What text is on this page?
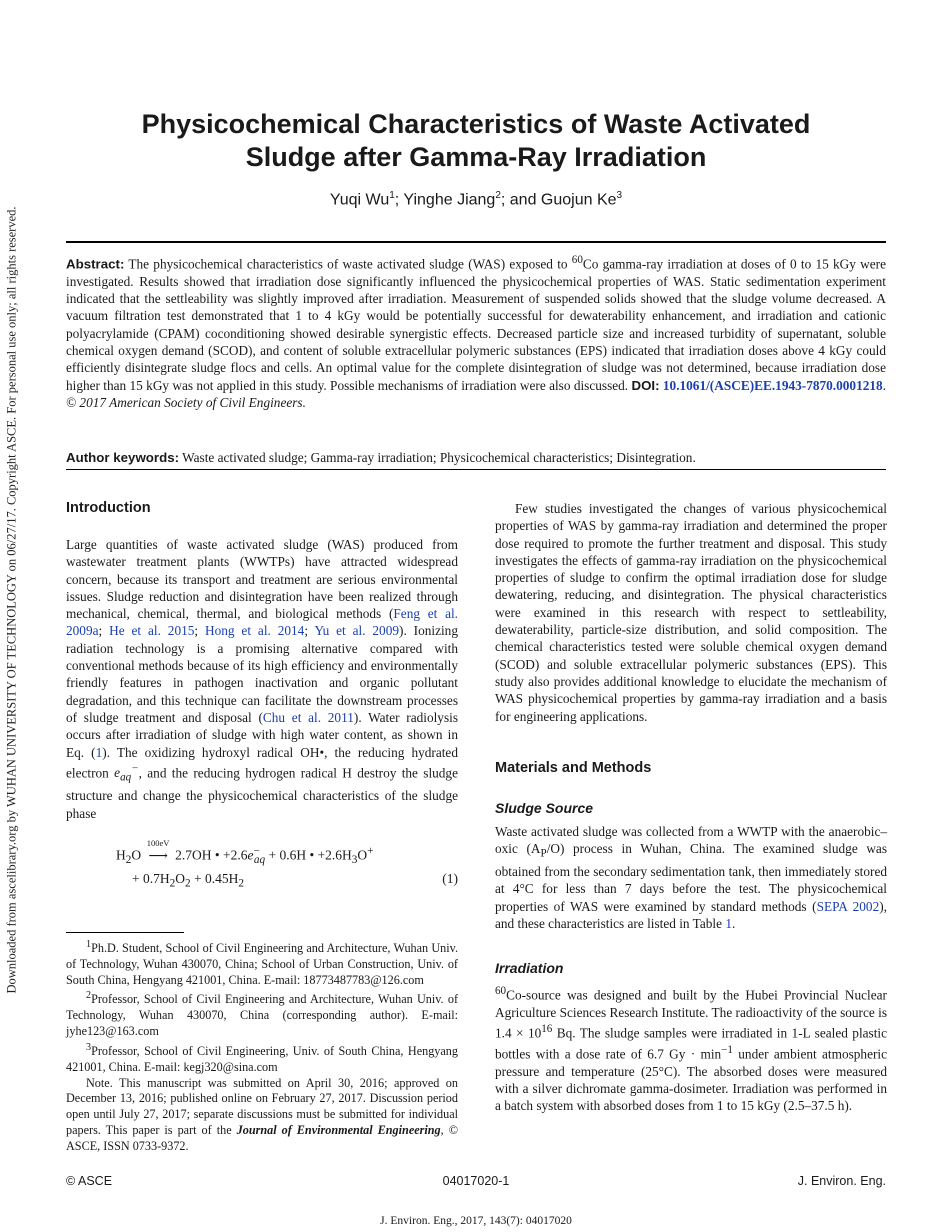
Downloaded from ascelibrary.org by WUHAN UNIVERSITY OF TECHNOLOGY on 06/27/17. Copyright ASCE. For personal use only; all rights reserved.
Physicochemical Characteristics of Waste Activated
Sludge after Gamma-Ray Irradiation
Yuqi Wu$^1$; Yinghe Jiang$^2$; and Guojun Ke$^3$

Abstract: The physicochemical characteristics of waste activated sludge (WAS) exposed to $^{60}$Co gamma-ray irradiation at doses of 0 to 15 kGy were investigated. Results showed that irradiation dose significantly influenced the physicochemical properties of WAS. Static sedimentation experiment indicated that the settleability was slightly improved after irradiation. Measurement of suspended solids showed that the sludge volume decreased. A vacuum filtration test demonstrated that 1 to 4 kGy would be potentially successful for dewaterability enhancement, and irradiation and cationic polyacrylamide (CPAM) coconditioning showed desirable synergistic effects. Decreased particle size and increased turbidity of supernatant, soluble chemical oxygen demand (SCOD), and content of soluble extracellular polymeric substances (EPS) indicated that irradiation doses above 4 kGy could efficiently disintegrate sludge flocs and cells. An optimal value for the complete disintegration of sludge was not determined, because irradiation dose higher than 15 kGy was not applied in this study. Possible mechanisms of irradiation were also discussed. DOI: 10.1061/(ASCE)EE.1943-7870.0001218. © 2017 American Society of Civil Engineers.

Author keywords: Waste activated sludge; Gamma-ray irradiation; Physicochemical characteristics; Disintegration.

Introduction

Large quantities of waste activated sludge (WAS) produced from wastewater treatment plants (WWTPs) have attracted widespread concern, because its transport and treatment are serious environmental issues. Sludge reduction and disintegration have been realized through mechanical, chemical, thermal, and biological methods (Feng et al. 2009a; He et al. 2015; Hong et al. 2014; Yu et al. 2009). Ionizing radiation technology is a promising alternative compared with conventional methods because of its high efficiency and environmentally friendly features in pathogen inactivation and organic pollutant degradation, and this technique can facilitate the downstream processes of sludge treatment and disposal (Chu et al. 2011). Water radiolysis occurs after irradiation of sludge with high water content, as shown in Eq. (1). The oxidizing hydroxyl radical OH•, the reducing hydrated electron $e_{aq}^-$, and the reducing hydrogen radical H destroy the sludge structure and change the physicochemical characteristics of the sludge phase

$H_2O$
100eV
⟶ 2.7OH • $+2.6e^-_{aq} + 0.6H$ • $+2.6H_3O^+$
+ $0.7H_2O_2 + 0.45H_2$	(1)

$^1$Ph.D. Student, School of Civil Engineering and Architecture, Wuhan Univ. of Technology, Wuhan 430070, China; School of Urban Construction, Univ. of South China, Hengyang 421001, China. E-mail: 18773487783@126.com

$^2$Professor, School of Civil Engineering and Architecture, Wuhan Univ. of Technology, Wuhan 430070, China (corresponding author). E-mail: jyhe123@163.com

$^3$Professor, School of Civil Engineering, Univ. of South China, Hengyang 421001, China. E-mail: kegj320@sina.com

Note. This manuscript was submitted on April 30, 2016; approved on December 13, 2016; published online on February 27, 2017. Discussion period open until July 27, 2017; separate discussions must be submitted for individual papers. This paper is part of the Journal of Environmental Engineering, © ASCE, ISSN 0733-9372.

Few studies investigated the changes of various physicochemical properties of WAS by gamma-ray irradiation and determined the proper dose required to promote the further treatment and disposal. This study investigates the effects of gamma-ray irradiation on the physicochemical properties of sludge to confirm the optimal irradiation dose for sludge dewatering, reducing, and disintegration. The physical characteristics were examined in this research with respect to settleability, dewaterability, particle-size distribution, and solid composition. The chemical characteristics tested were soluble chemical oxygen demand (SCOD) and soluble extracellular polymeric substances (EPS). This study also provides additional knowledge to elucidate the mechanism of WAS physicochemical properties by gamma-ray irradiation and a basis for engineering applications.

Materials and Methods
Sludge Source

Waste activated sludge was collected from a WWTP with the anaerobic–oxic $(A_P/O)$ process in Wuhan, China. The examined sludge was obtained from the secondary sedimentation tank, then immediately stored at 4°C for less than 7 days before the test. The physicochemical properties of WAS were examined by standard methods (SEPA 2002), and these characteristics are listed in Table 1.

Irradiation

$^{60}$Co-source was designed and built by the Hubei Provincial Nuclear Agriculture Sciences Research Institute. The radioactivity of the source is $1.4 \times 10^{16}$ Bq. The sludge samples were irradiated in 1-L sealed plastic bottles with a dose rate of 6.7 $Gy \cdot \min^{-1}$ under ambient atmospheric pressure and temperature (25°C). The absorbed doses were measured with a silver dichromate gamma-dosimeter. Irradiation was performed in a batch system with absorbed doses from 1 to 15 kGy (2.5–37.5 h).

© ASCE	04017020-1	J. Environ. Eng.
J. Environ. Eng., 2017, 143(7): 04017020
